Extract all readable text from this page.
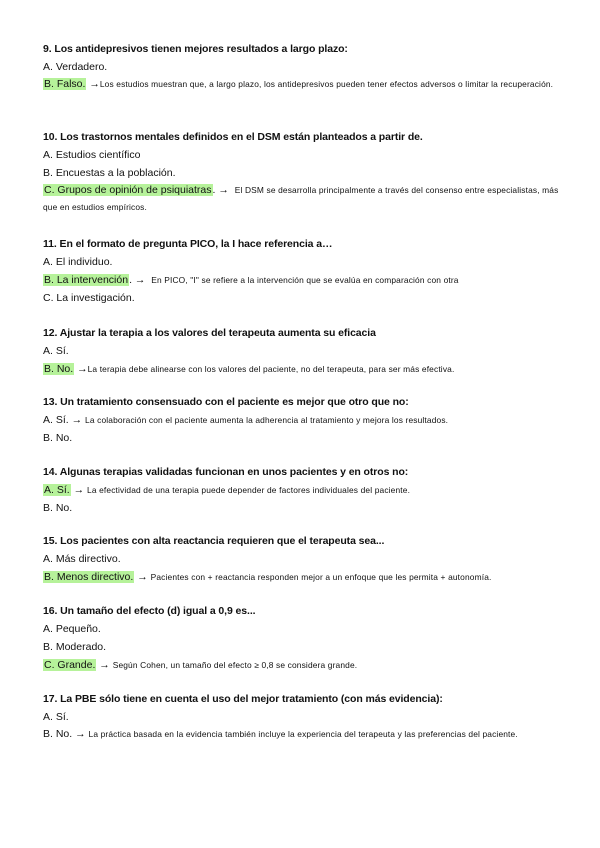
9. Los antidepresivos tienen mejores resultados a largo plazo:
A. Verdadero.
B. Falso. →Los estudios muestran que, a largo plazo, los antidepresivos pueden tener efectos adversos o limitar la recuperación.
10. Los trastornos mentales definidos en el DSM están planteados a partir de.
A. Estudios científico
B. Encuestas a la población.
C. Grupos de opinión de psiquiatras. → El DSM se desarrolla principalmente a través del consenso entre especialistas, más que en estudios empíricos.
11. En el formato de pregunta PICO, la I hace referencia a…
A. El individuo.
B. La intervención. → En PICO, "I" se refiere a la intervención que se evalúa en comparación con otra
C. La investigación.
12. Ajustar la terapia a los valores del terapeuta aumenta su eficacia
A. Sí.
B. No. →La terapia debe alinearse con los valores del paciente, no del terapeuta, para ser más efectiva.
13. Un tratamiento consensuado con el paciente es mejor que otro que no:
A. Sí. → La colaboración con el paciente aumenta la adherencia al tratamiento y mejora los resultados.
B. No.
14. Algunas terapias validadas funcionan en unos pacientes y en otros no:
A. Sí. → La efectividad de una terapia puede depender de factores individuales del paciente.
B. No.
15. Los pacientes con alta reactancia requieren que el terapeuta sea...
A. Más directivo.
B. Menos directivo. → Pacientes con + reactancia responden mejor a un enfoque que les permita + autonomía.
16. Un tamaño del efecto (d) igual a 0,9 es...
A. Pequeño.
B. Moderado.
C. Grande. → Según Cohen, un tamaño del efecto ≥ 0,8 se considera grande.
17. La PBE sólo tiene en cuenta el uso del mejor tratamiento (con más evidencia):
A. Sí.
B. No. → La práctica basada en la evidencia también incluye la experiencia del terapeuta y las preferencias del paciente.
